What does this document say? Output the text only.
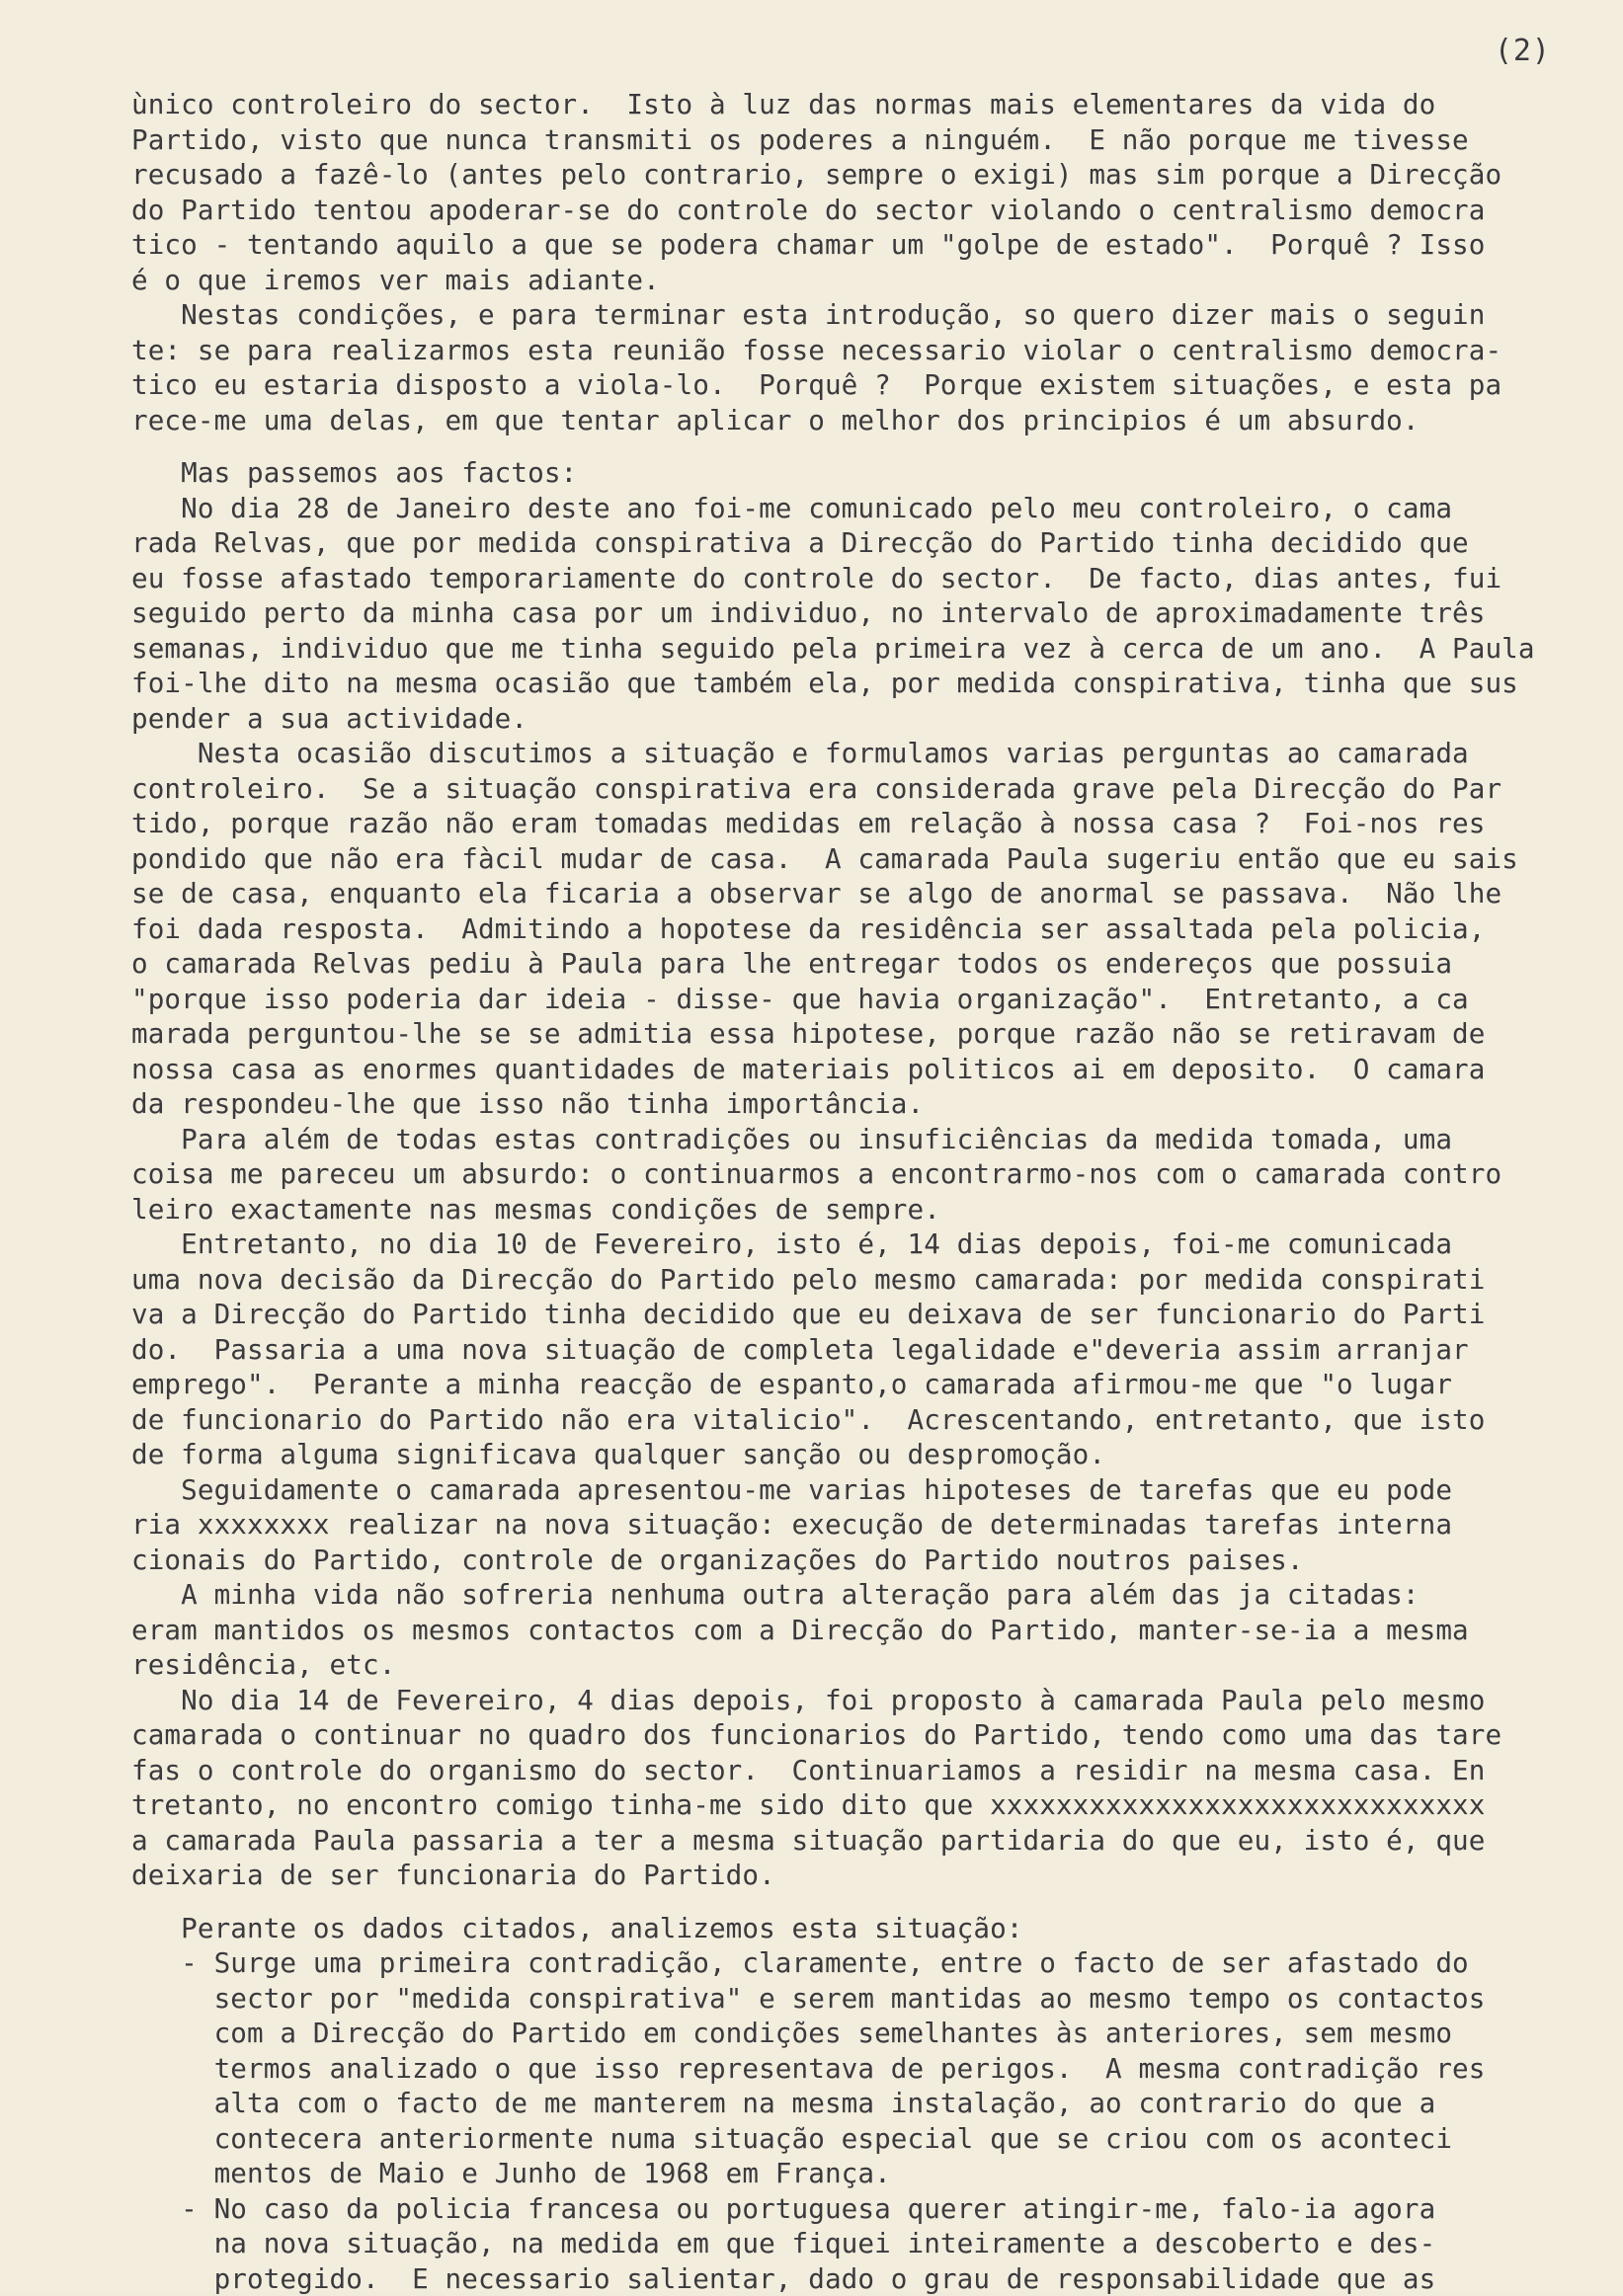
(2)
ùnico controleiro do sector.  Isto à luz das normas mais elementares da vida do
Partido, visto que nunca transmiti os poderes a ninguém.  E não porque me tivesse
recusado a fazê-lo (antes pelo contrario, sempre o exigi) mas sim porque a Direcção
do Partido tentou apoderar-se do controle do sector violando o centralismo democra
tico - tentando aquilo a que se podera chamar um "golpe de estado".  Porquê ? Isso
é o que iremos ver mais adiante.
Nestas condições, e para terminar esta introdução, so quero dizer mais o seguin
te: se para realizarmos esta reunião fosse necessario violar o centralismo democra-
tico eu estaria disposto a viola-lo.  Porquê ?  Porque existem situações, e esta pa
rece-me uma delas, em que tentar aplicar o melhor dos principios é um absurdo.
Mas passemos aos factos:
No dia 28 de Janeiro deste ano foi-me comunicado pelo meu controleiro, o cama
rada Relvas, que por medida conspirativa a Direcção do Partido tinha decidido que
eu fosse afastado temporariamente do controle do sector.  De facto, dias antes, fui
seguido perto da minha casa por um individuo, no intervalo de aproximadamente três
semanas, individuo que me tinha seguido pela primeira vez à cerca de um ano.  A Paula
foi-lhe dito na mesma ocasião que também ela, por medida conspirativa, tinha que sus
pender a sua actividade.
Nesta ocasião discutimos a situação e formulamos varias perguntas ao camarada
controleiro.  Se a situação conspirativa era considerada grave pela Direcção do Par
tido, porque razão não eram tomadas medidas em relação à nossa casa ?  Foi-nos res
pondido que não era fàcil mudar de casa.  A camarada Paula sugeriu então que eu sais
se de casa, enquanto ela ficaria a observar se algo de anormal se passava.  Não lhe
foi dada resposta.  Admitindo a hopotese da residência ser assaltada pela policia,
o camarada Relvas pediu à Paula para lhe entregar todos os endereços que possuia
"porque isso poderia dar ideia - disse- que havia organização".  Entretanto, a ca
marada perguntou-lhe se se admitia essa hipotese, porque razão não se retiravam de
nossa casa as enormes quantidades de materiais politicos ai em deposito.  O camara
da respondeu-lhe que isso não tinha importância.
Para além de todas estas contradições ou insuficiências da medida tomada, uma
coisa me pareceu um absurdo: o continuarmos a encontrarmo-nos com o camarada contro
leiro exactamente nas mesmas condições de sempre.
Entretanto, no dia 10 de Fevereiro, isto é, 14 dias depois, foi-me comunicada
uma nova decisão da Direcção do Partido pelo mesmo camarada: por medida conspirati
va a Direcção do Partido tinha decidido que eu deixava de ser funcionario do Parti
do.  Passaria a uma nova situação de completa legalidade e"deveria assim arranjar
emprego".  Perante a minha reacção de espanto,o camarada afirmou-me que "o lugar
de funcionario do Partido não era vitalicio".  Acrescentando, entretanto, que isto
de forma alguma significava qualquer sanção ou despromoção.
Seguidamente o camarada apresentou-me varias hipoteses de tarefas que eu pode
ria xxxxxxxx realizar na nova situação: execução de determinadas tarefas interna
cionais do Partido, controle de organizações do Partido noutros paises.
A minha vida não sofreria nenhuma outra alteração para além das ja citadas:
eram mantidos os mesmos contactos com a Direcção do Partido, manter-se-ia a mesma
residência, etc.
No dia 14 de Fevereiro, 4 dias depois, foi proposto à camarada Paula pelo mesmo
camarada o continuar no quadro dos funcionarios do Partido, tendo como uma das tare
fas o controle do organismo do sector.  Continuariamos a residir na mesma casa. En
tretanto, no encontro comigo tinha-me sido dito que xxxxxxxxxxxxxxxxxxxxxxxxxxxxxx
a camarada Paula passaria a ter a mesma situação partidaria do que eu, isto é, que
deixaria de ser funcionaria do Partido.
Perante os dados citados, analizemos esta situação:
- Surge uma primeira contradição, claramente, entre o facto de ser afastado do
sector por "medida conspirativa" e serem mantidas ao mesmo tempo os contactos
com a Direcção do Partido em condições semelhantes às anteriores, sem mesmo
termos analizado o que isso representava de perigos.  A mesma contradição res
alta com o facto de me manterem na mesma instalação, ao contrario do que a
contecera anteriormente numa situação especial que se criou com os aconteci
mentos de Maio e Junho de 1968 em França.
- No caso da policia francesa ou portuguesa querer atingir-me, falo-ia agora
na nova situação, na medida em que fiquei inteiramente a descoberto e des-
protegido.  E necessario salientar, dado o grau de responsabilidade que as
